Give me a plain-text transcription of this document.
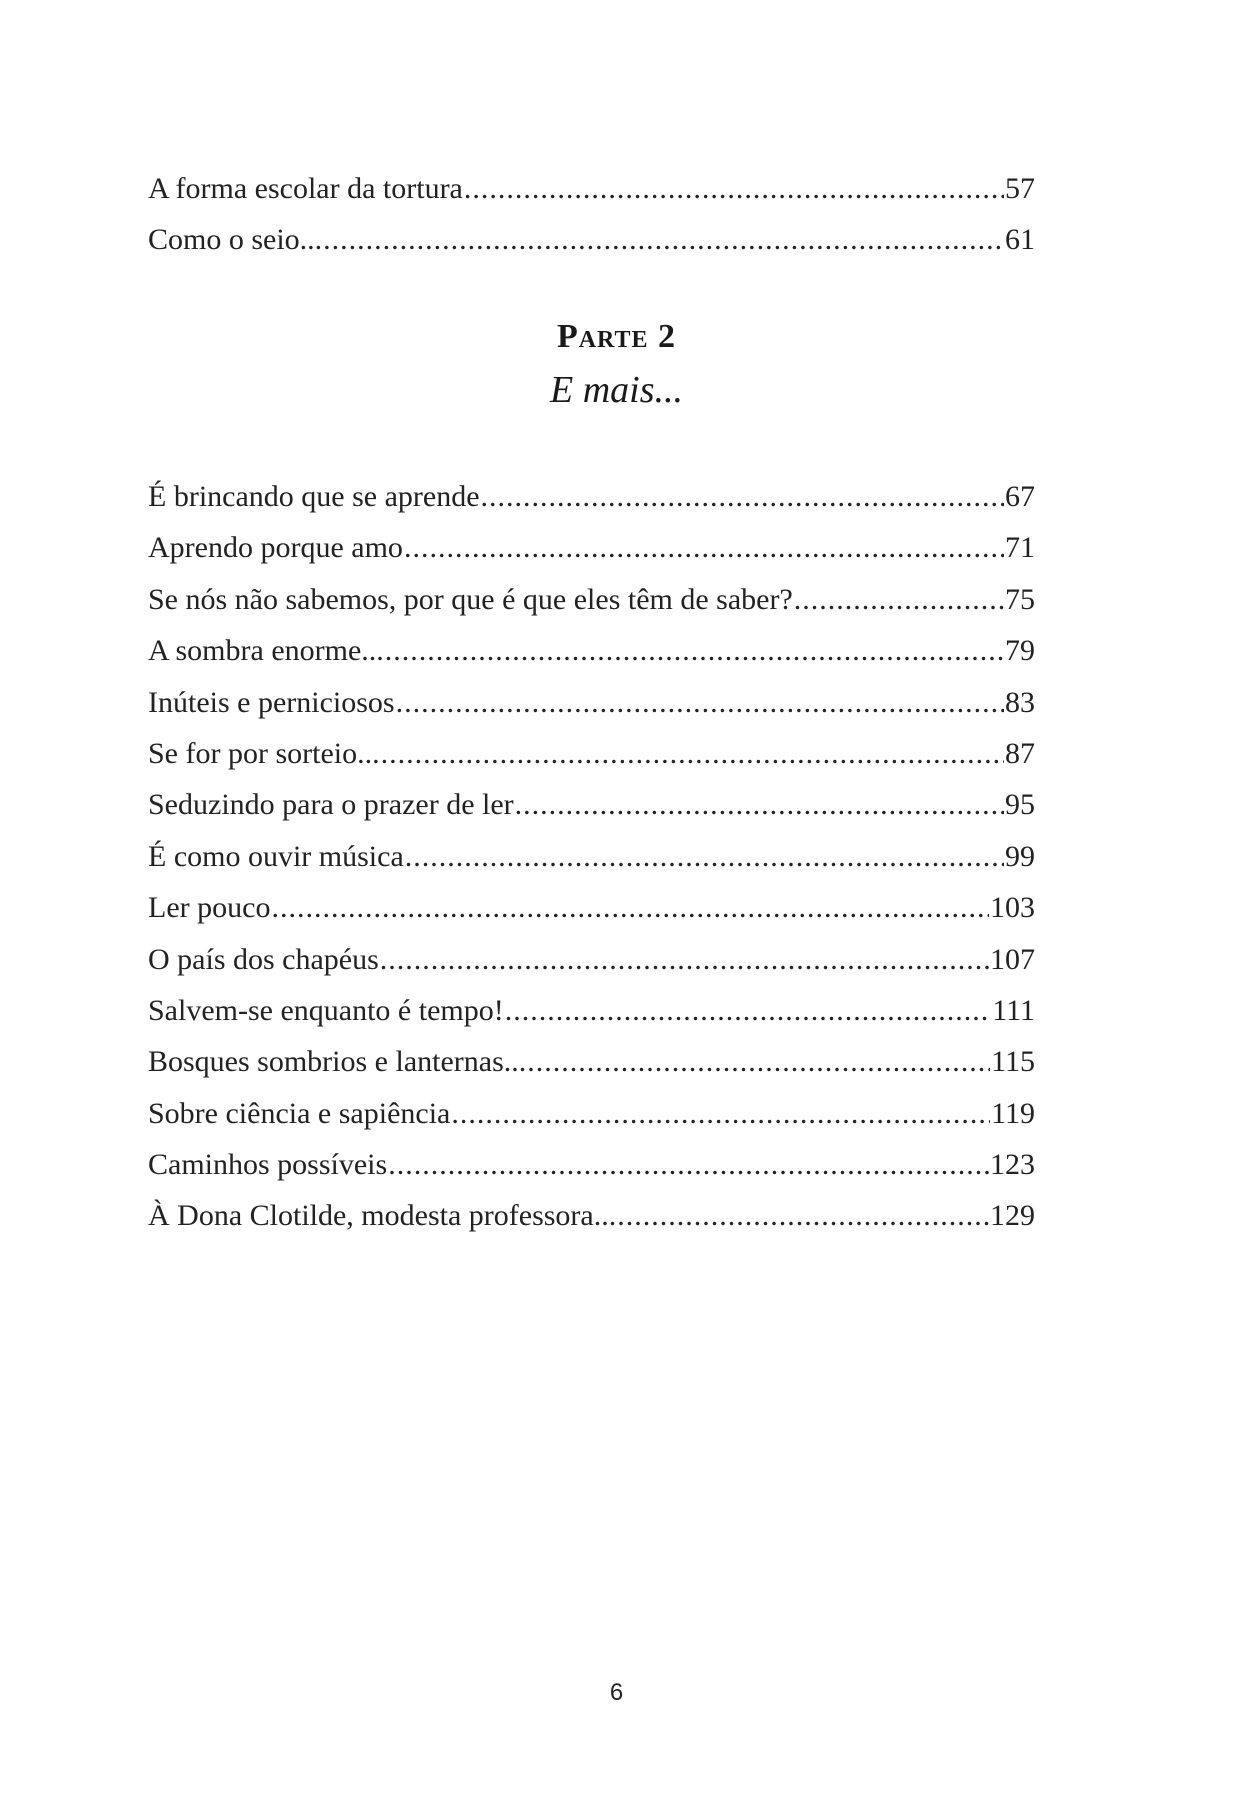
A forma escolar da tortura .....	57
Como o seio... .....	61
Parte 2
E mais...
É brincando que se aprende .....	67
Aprendo porque amo .....	71
Se nós não sabemos, por que é que eles têm de saber? .....	75
A sombra enorme... .....	79
Inúteis e perniciosos .....	83
Se for por sorteio... .....	87
Seduzindo para o prazer de ler .....	95
É como ouvir música .....	99
Ler pouco .....	103
O país dos chapéus .....	107
Salvem-se enquanto é tempo! .....	111
Bosques sombrios e lanternas... .....	115
Sobre ciência e sapiência .....	119
Caminhos possíveis .....	123
À Dona Clotilde, modesta professora... .....	129
6
